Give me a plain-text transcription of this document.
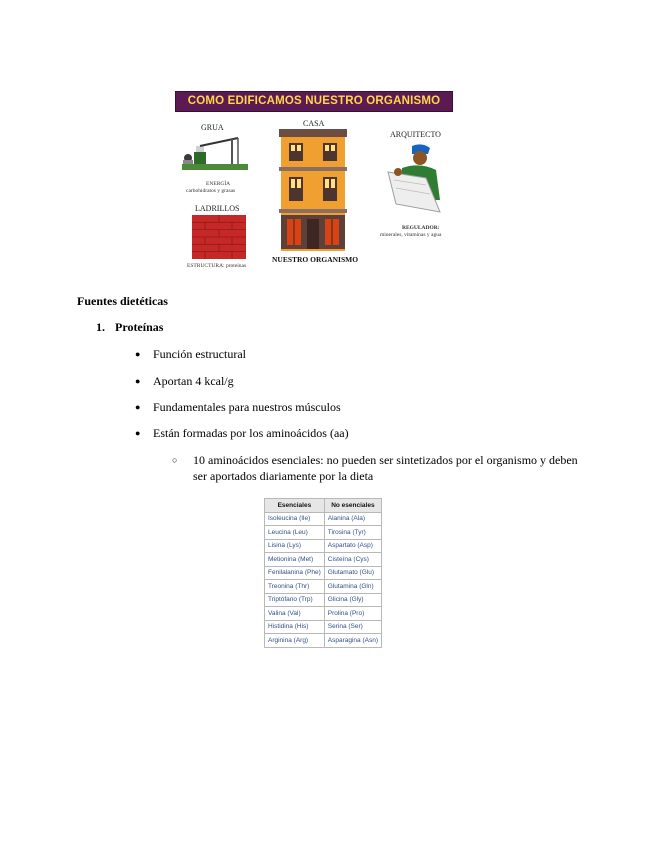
COMO EDIFICAMOS NUESTRO ORGANISMO
GRUA
ENERGÍA
carbohidratos y grasas
LADRILLOS
ESTRUCTURA: proteínas
CASA
NUESTRO ORGANISMO
ARQUITECTO
REGULADOR:
minerales, vitaminas y agua
Fuentes dietéticas
1. Proteínas
● Función estructural
● Aportan 4 kcal/g
● Fundamentales para nuestros músculos
● Están formadas por los aminoácidos (aa)
○ 10 aminoácidos esenciales: no pueden ser sintetizados por el organismo y deben ser aportados diariamente por la dieta
Esenciales	No esenciales
Isoleucina (Ile)	Alanina (Ala)
Leucina (Leu)	Tirosina (Tyr)
Lisina (Lys)	Aspartato (Asp)
Metionina (Met)	Cisteína (Cys)
Fenilalanina (Phe)	Glutamato (Glu)
Treonina (Thr)	Glutamina (Gln)
Triptófano (Trp)	Glicina (Gly)
Valina (Val)	Prolina (Pro)
Histidina (His)	Serina (Ser)
Arginina (Arg)	Asparagina (Asn)
